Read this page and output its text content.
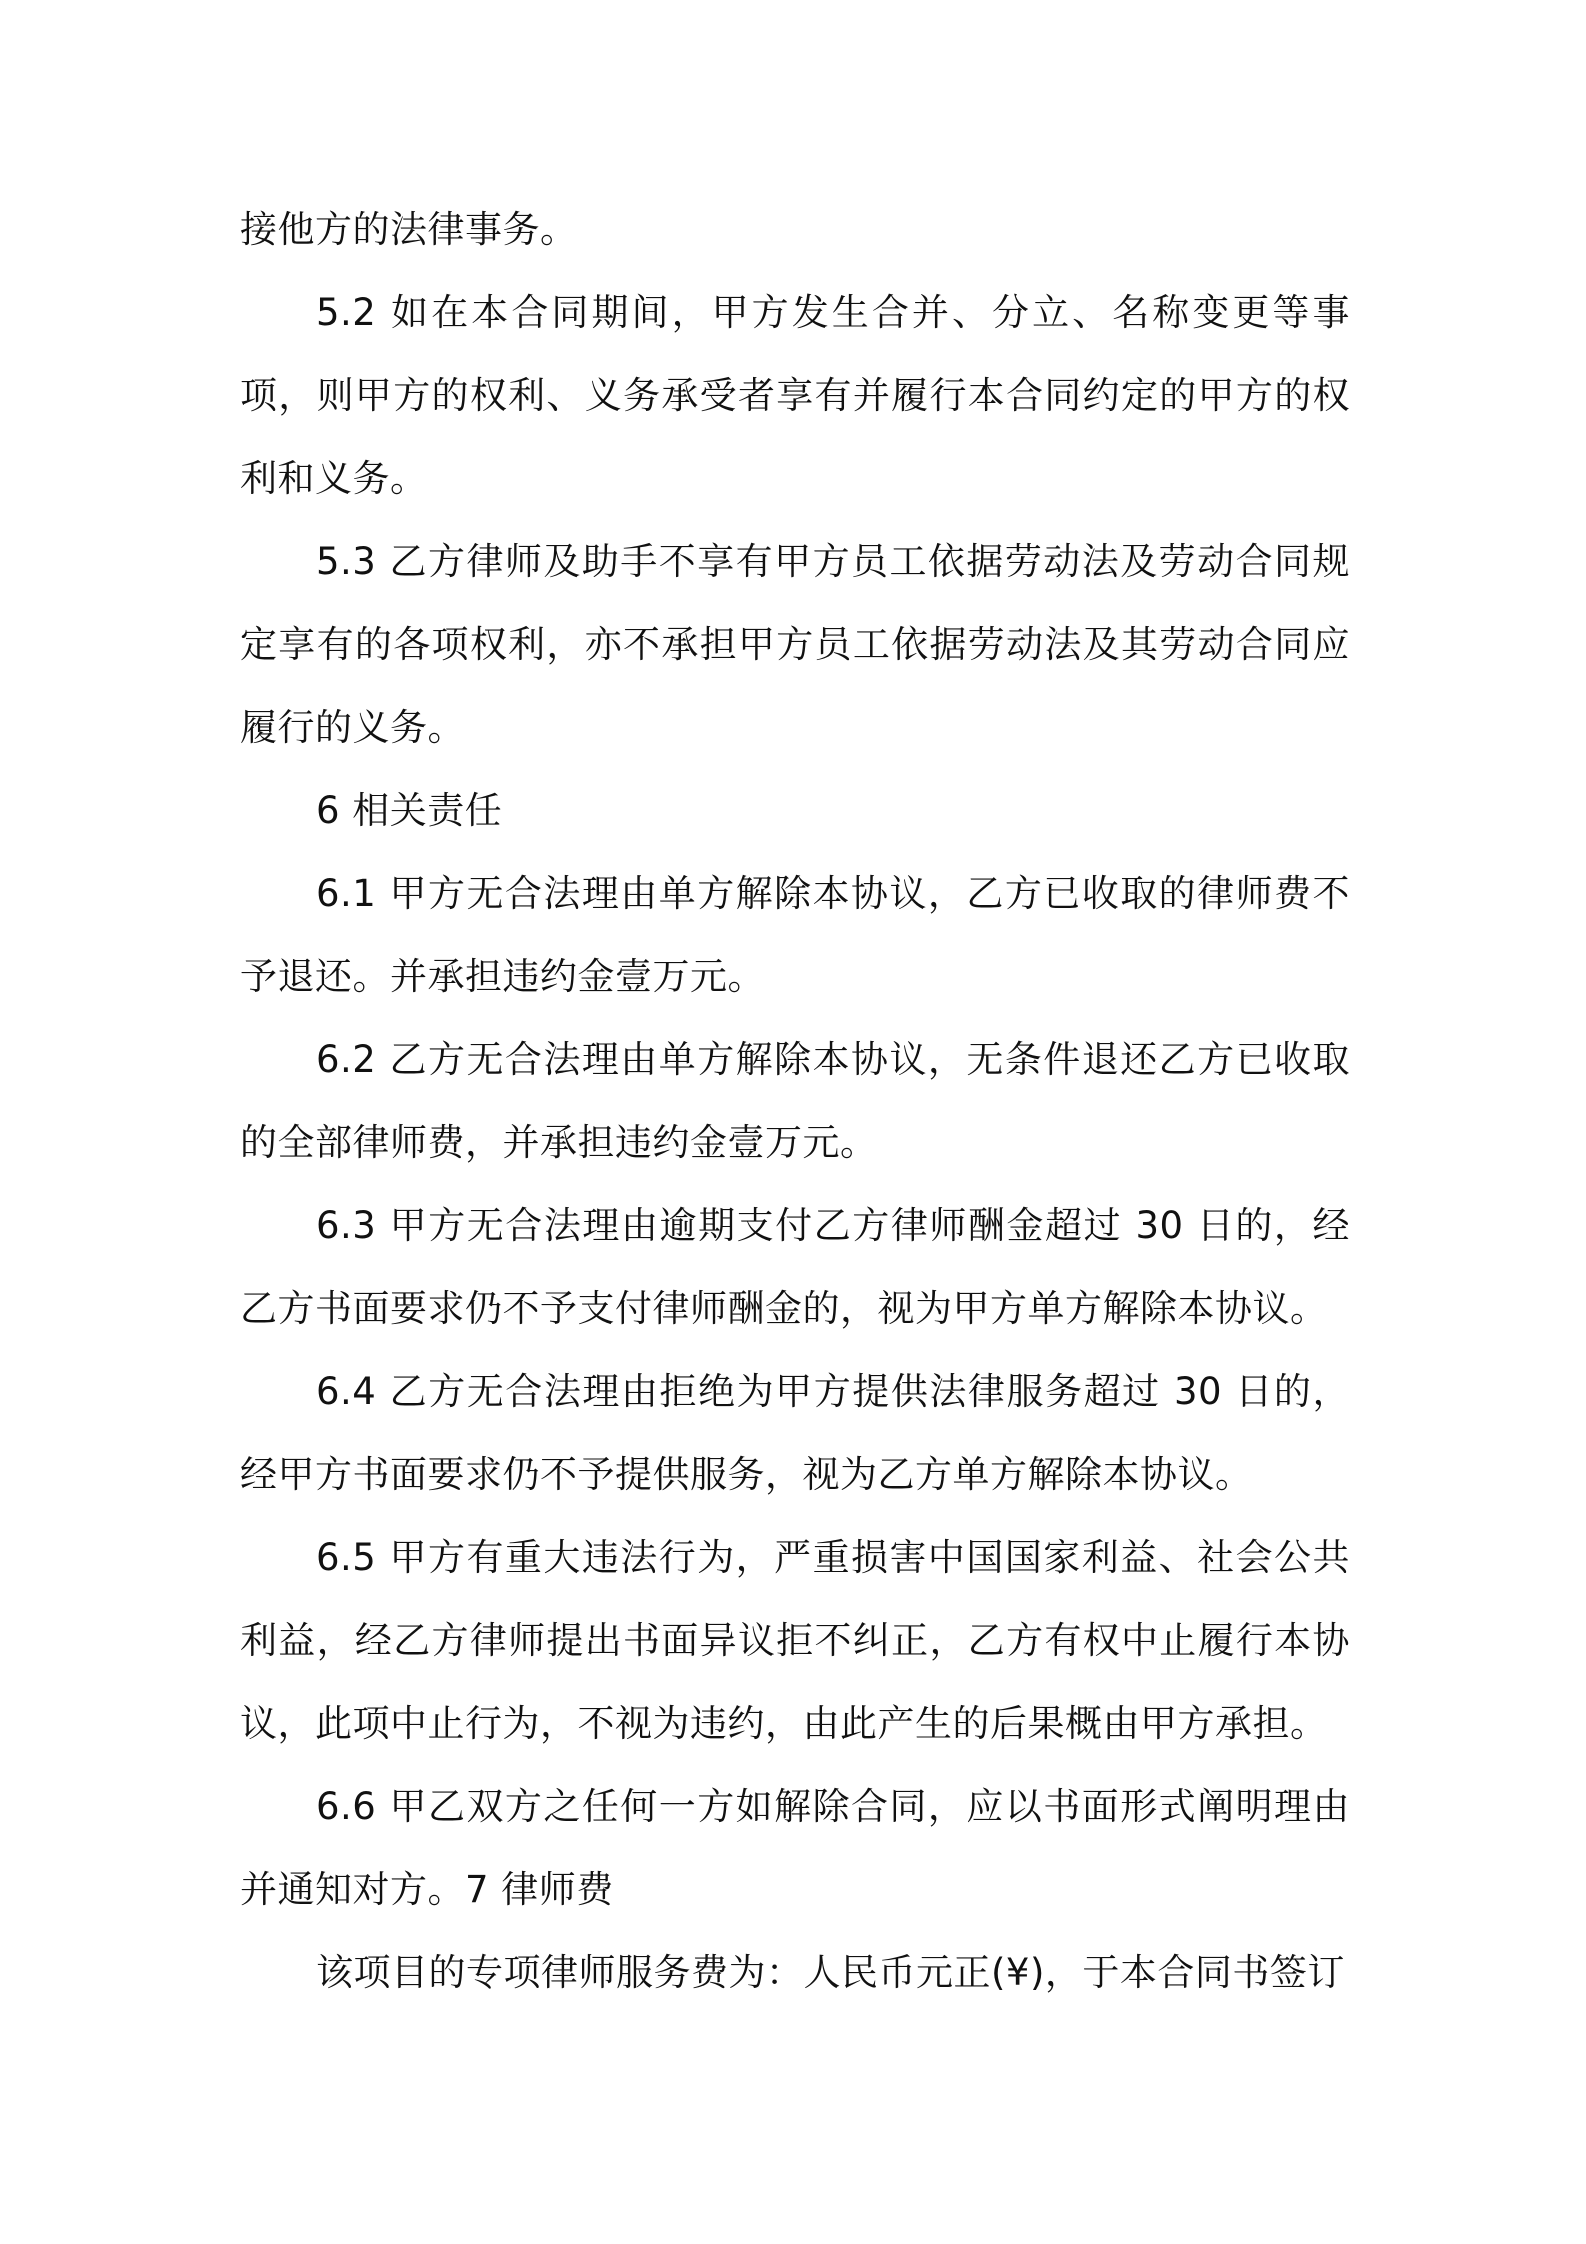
接他方的法律事务。

5.2 如在本合同期间，甲方发生合并、分立、名称变更等事项，则甲方的权利、义务承受者享有并履行本合同约定的甲方的权利和义务。

5.3 乙方律师及助手不享有甲方员工依据劳动法及劳动合同规定享有的各项权利，亦不承担甲方员工依据劳动法及其劳动合同应履行的义务。

6 相关责任

6.1 甲方无合法理由单方解除本协议，乙方已收取的律师费不予退还。并承担违约金壹万元。

6.2 乙方无合法理由单方解除本协议，无条件退还乙方已收取的全部律师费，并承担违约金壹万元。

6.3 甲方无合法理由逾期支付乙方律师酬金超过 30 日的，经乙方书面要求仍不予支付律师酬金的，视为甲方单方解除本协议。

6.4 乙方无合法理由拒绝为甲方提供法律服务超过 30 日的，经甲方书面要求仍不予提供服务，视为乙方单方解除本协议。

6.5 甲方有重大违法行为，严重损害中国国家利益、社会公共利益，经乙方律师提出书面异议拒不纠正，乙方有权中止履行本协议，此项中止行为，不视为违约，由此产生的后果概由甲方承担。

6.6 甲乙双方之任何一方如解除合同，应以书面形式阐明理由并通知对方。7 律师费

该项目的专项律师服务费为：人民币元正(¥)，于本合同书签订
